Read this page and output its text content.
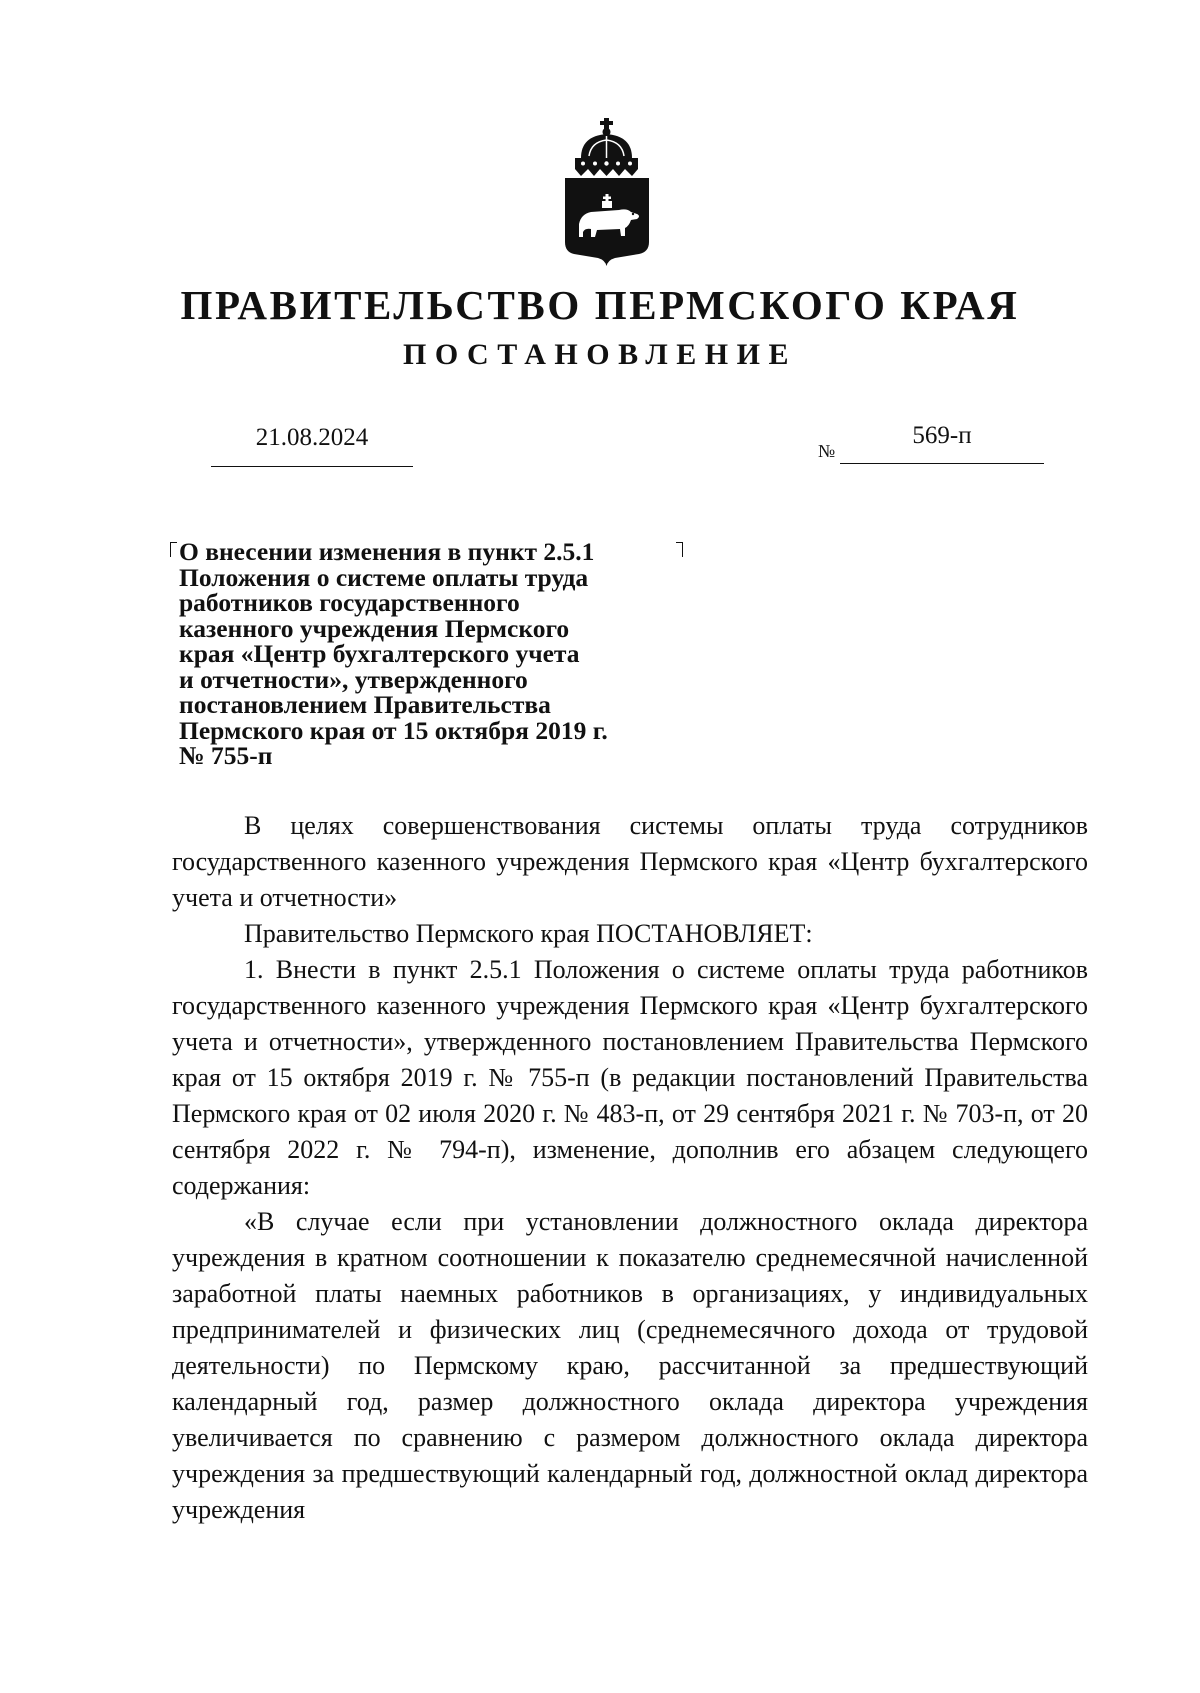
ПРАВИТЕЛЬСТВО ПЕРМСКОГО КРАЯ
ПОСТАНОВЛЕНИЕ
21.08.2024	№
569-п
О внесении изменения в пункт 2.5.1
Положения о системе оплаты труда
работников государственного
казенного учреждения Пермского
края «Центр бухгалтерского учета
и отчетности», утвержденного
постановлением Правительства
Пермского края от 15 октября 2019 г.
№ 755-п

В целях совершенствования системы оплаты труда сотрудников государственного казенного учреждения Пермского края «Центр бухгалтерского учета и отчетности»

Правительство Пермского края ПОСТАНОВЛЯЕТ:

1. Внести в пункт 2.5.1 Положения о системе оплаты труда работников государственного казенного учреждения Пермского края «Центр бухгалтерского учета и отчетности», утвержденного постановлением Правительства Пермского края от 15 октября 2019 г. № 755-п (в редакции постановлений Правительства Пермского края от 02 июля 2020 г. № 483-п, от 29 сентября 2021 г. № 703-п, от 20 сентября 2022 г. № 794-п), изменение, дополнив его абзацем следующего содержания:

«В случае если при установлении должностного оклада директора учреждения в кратном соотношении к показателю среднемесячной начисленной заработной платы наемных работников в организациях, у индивидуальных предпринимателей и физических лиц (среднемесячного дохода от трудовой деятельности) по Пермскому краю, рассчитанной за предшествующий календарный год, размер должностного оклада директора учреждения увеличивается по сравнению с размером должностного оклада директора учреждения за предшествующий календарный год, должностной оклад директора учреждения
